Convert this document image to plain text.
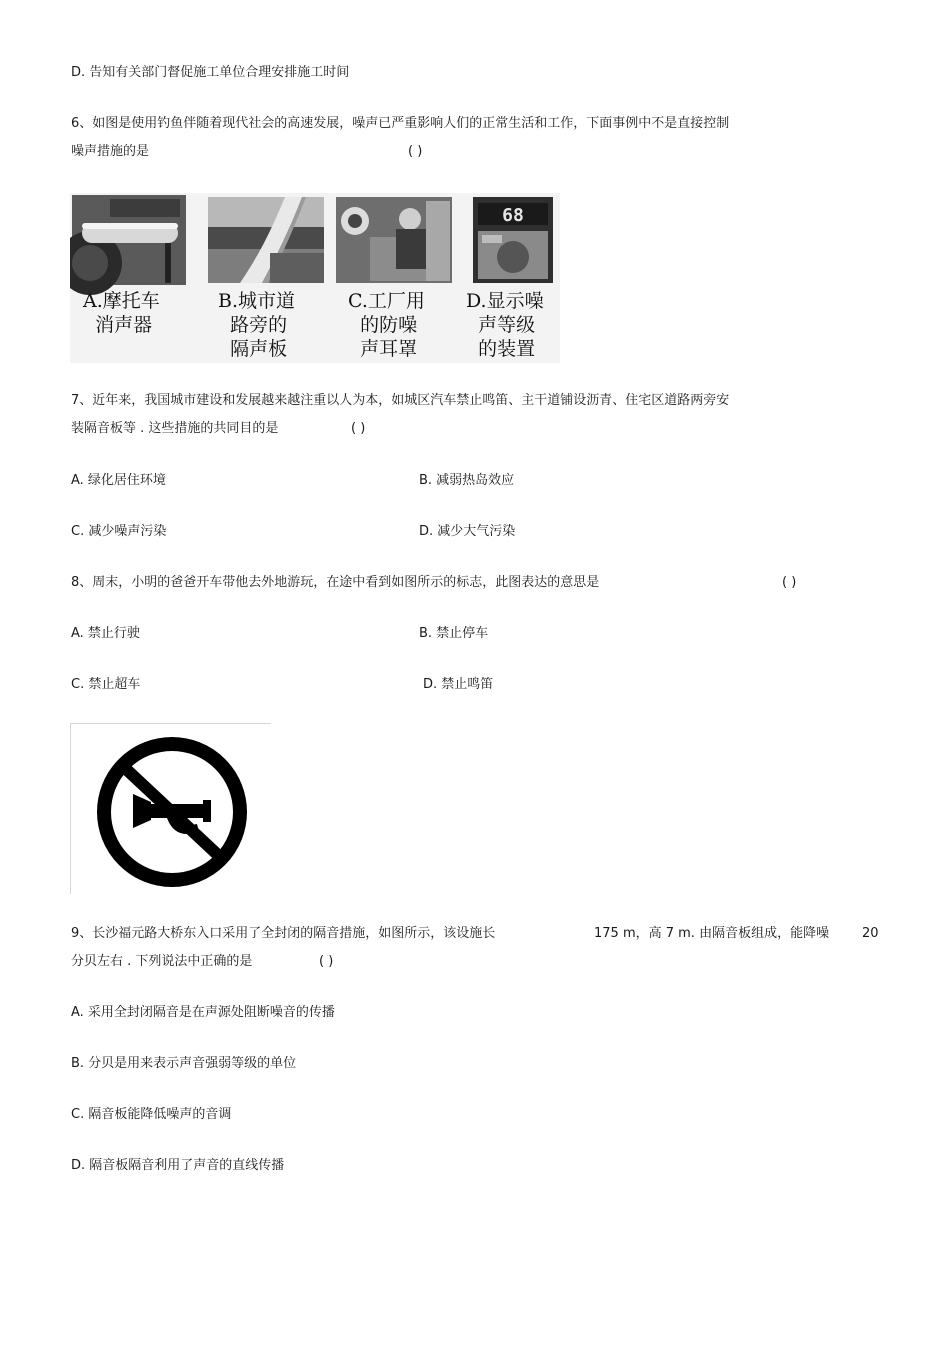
D. 告知有关部门督促施工单位合理安排施工时间
6、如图是使用钓鱼伴随着现代社会的高速发展，噪声已严重影响人们的正常生活和工作，下面事例中不是直接控制
噪声措施的是	( )
68
A.摩托车
消声器
B.城市道
路旁的
隔声板
C.工厂用
的防噪
声耳罩
D.显示噪
声等级
的装置
7、近年来，我国城市建设和发展越来越注重以人为本，如城区汽车禁止鸣笛、主干道铺设沥青、住宅区道路两旁安
装隔音板等 . 这些措施的共同目的是	( )
A. 绿化居住环境	B. 减弱热岛效应
C. 减少噪声污染	D. 减少大气污染
8、周末，小明的爸爸开车带他去外地游玩，在途中看到如图所示的标志，此图表达的意思是	( )
A. 禁止行驶	B. 禁止停车
C. 禁止超车	D. 禁止鸣笛
9、长沙福元路大桥东入口采用了全封闭的隔音措施，如图所示，该设施长	175 m，高 7 m. 由隔音板组成，能降噪	20
分贝左右 . 下列说法中正确的是	( )
A. 采用全封闭隔音是在声源处阻断噪音的传播
B. 分贝是用来表示声音强弱等级的单位
C. 隔音板能降低噪声的音调
D. 隔音板隔音利用了声音的直线传播
